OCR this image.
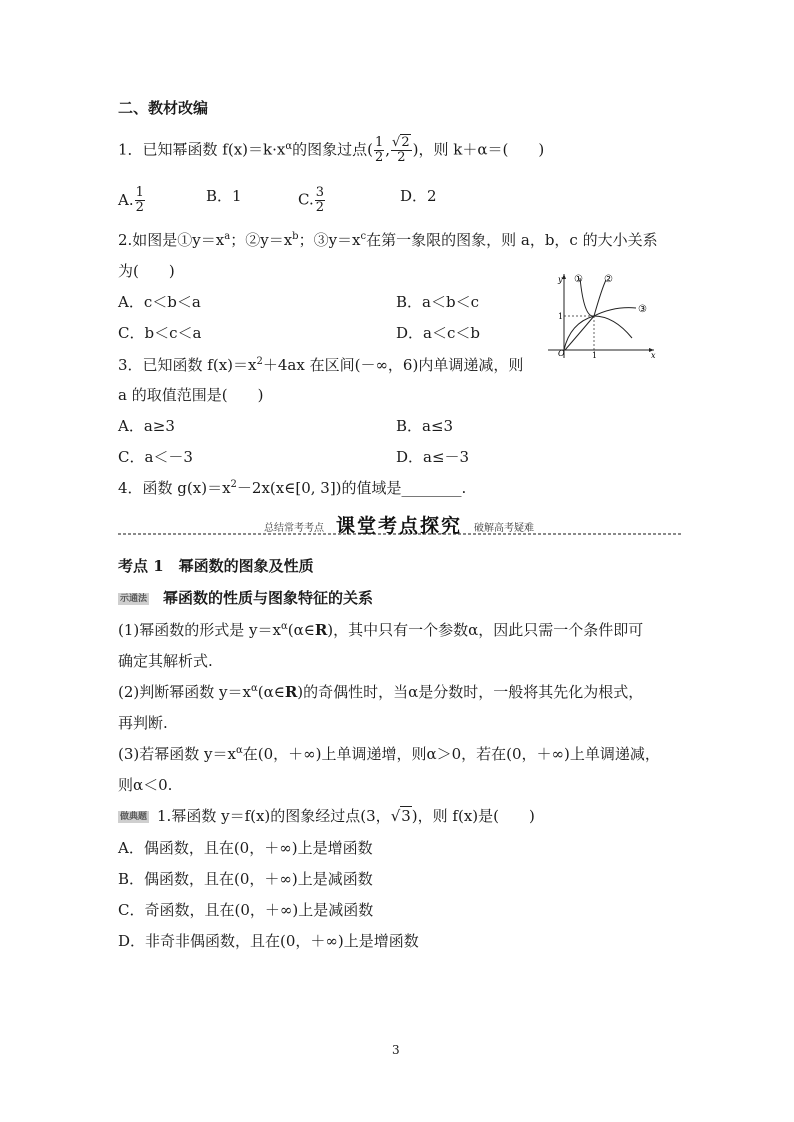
二、教材改编
1．已知幂函数 $f(x)=k\cdot x^\alpha$的图象过点( $\frac{1}{2}$ , $\frac{√2}{2}$ )，则 k＋α＝(　　)
A. $\frac{1}{2}$	B．1	C. $\frac{3}{2}$	D．2
2.如图是$①y=x^a$；$②y=x^b$；$③y=x^c$在第一象限的图象，则 a，b，c 的大小关系
为(　　)
A．c＜b＜a	B．a＜b＜c
C．b＜c＜a	D．a＜c＜b
① ②
③
x
y
O
1
1
3．已知函数 $f(x)=x^2+4ax$ 在区间(－∞，6)内单调递减，则
a 的取值范围是(　　)
A．a≥3	B．a≤3
C．a＜－3	D．a≤－3
4．函数 $g(x)=x^2-2x(x\in[0$, 3])的值域是________.
总结常考考点 课堂考点探究 破解高考疑难
考点 1　幂函数的图象及性质
示通法 幂函数的性质与图象特征的关系
(1)幂函数的形式是 $y=x^\alpha(\alpha\in R)$，其中只有一个参数α，因此只需一个条件即可
确定其解析式.
(2)判断幂函数 $y=x^\alpha(\alpha\in R)$的奇偶性时，当α是分数时，一般将其先化为根式，
再判断.
(3)若幂函数 $y=x^\alpha$在(0，＋∞)上单调递增，则α＞0，若在(0，＋∞)上单调递减，
则α＜0.
做典题 1.幂函数 y＝f(x)的图象经过点(3，√3)，则 f(x)是(　　)
A．偶函数，且在(0，＋∞)上是增函数
B．偶函数，且在(0，＋∞)上是减函数
C．奇函数，且在(0，＋∞)上是减函数
D．非奇非偶函数，且在(0，＋∞)上是增函数
3
